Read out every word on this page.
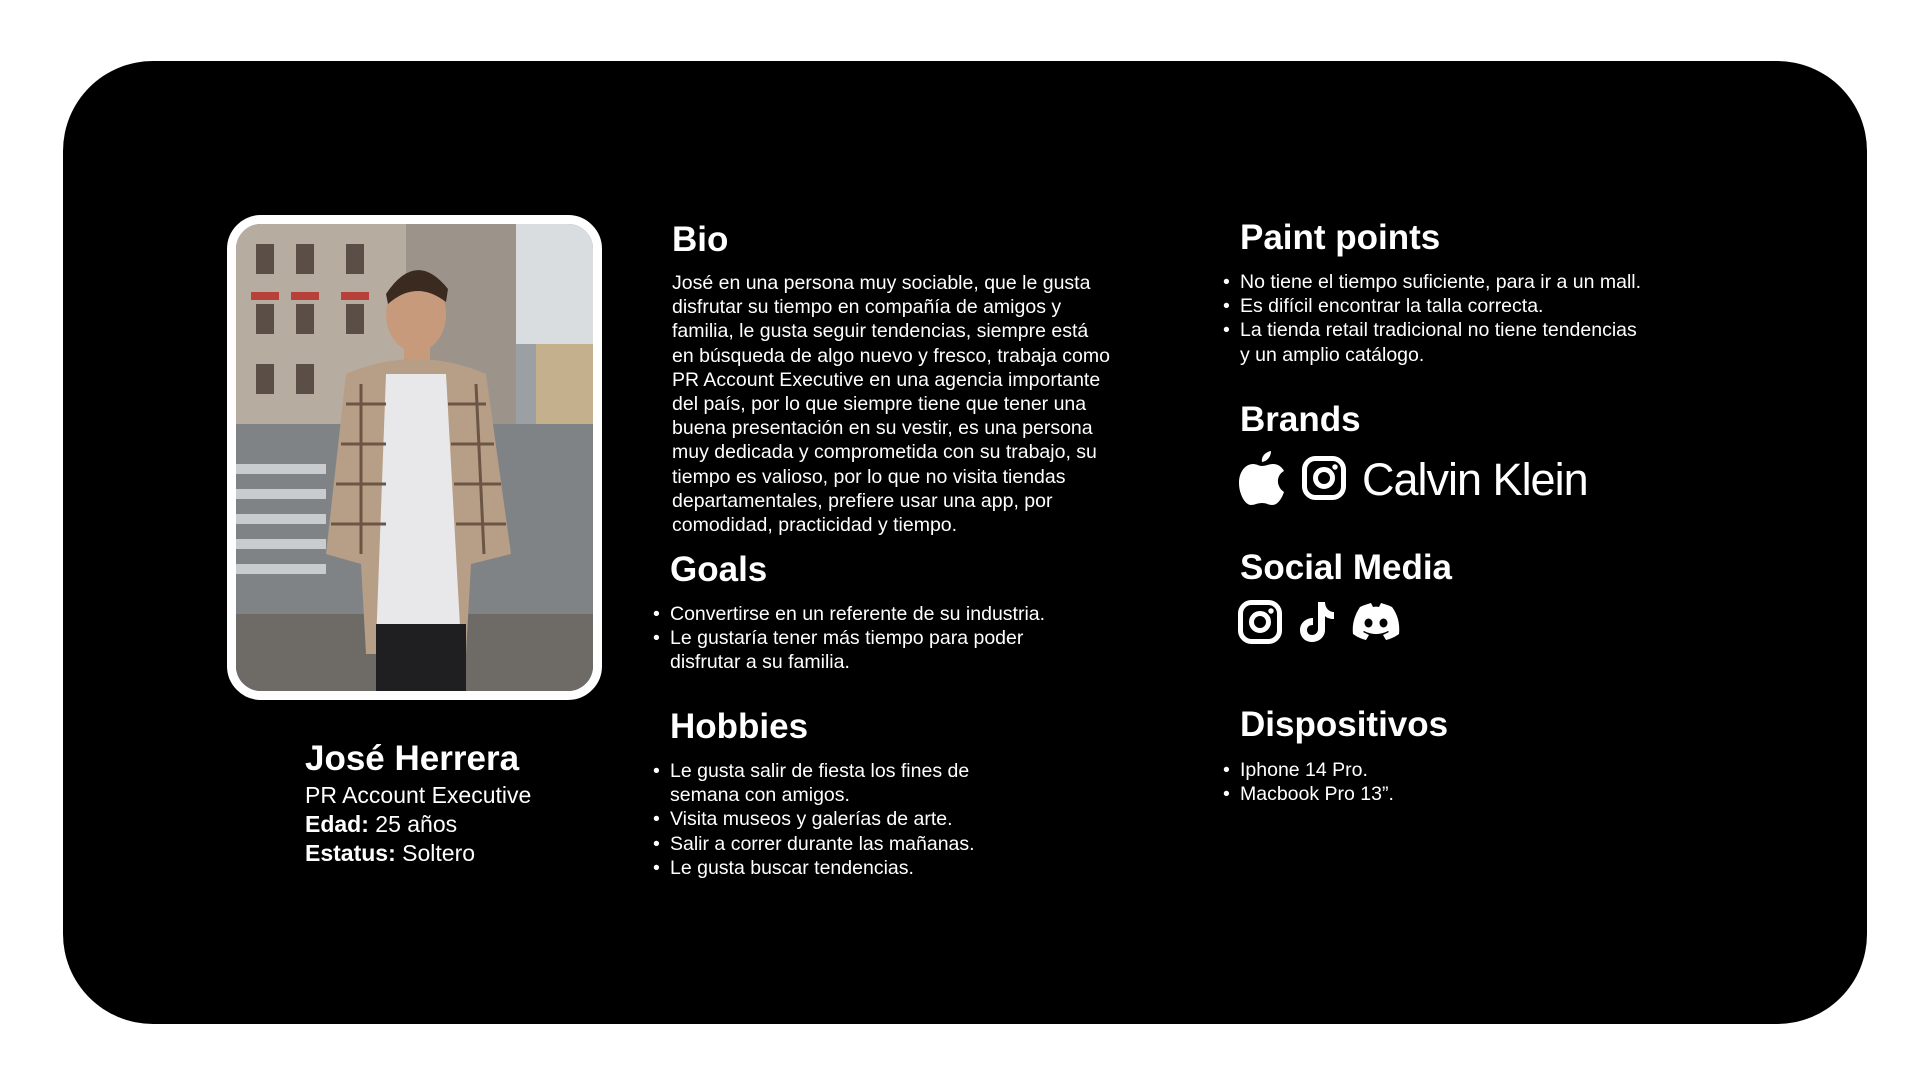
José Herrera
PR Account Executive
Edad: 25 años
Estatus: Soltero
Bio
José en una persona muy sociable, que le gusta
disfrutar su tiempo en compañía de amigos y
familia, le gusta seguir tendencias, siempre está
en búsqueda de algo nuevo y fresco, trabaja como
PR Account Executive en una agencia importante
del país, por lo que siempre tiene que tener una
buena presentación en su vestir, es una persona
muy dedicada y comprometida con su trabajo, su
tiempo es valioso, por lo que no visita tiendas
departamentales, prefiere usar una app, por
comodidad, practicidad y tiempo.
Goals
• Convertirse en un referente de su industria.
• Le gustaría tener más tiempo para poder
disfrutar a su familia.
Hobbies
• Le gusta salir de fiesta los fines de
semana con amigos.
• Visita museos y galerías de arte.
• Salir a correr durante las mañanas.
• Le gusta buscar tendencias.
Paint points
• No tiene el tiempo suficiente, para ir a un mall.
• Es difícil encontrar la talla correcta.
• La tienda retail tradicional no tiene tendencias
y un amplio catálogo.
Brands
Calvin Klein
Social Media
Dispositivos
• Iphone 14 Pro.
• Macbook Pro 13”.
